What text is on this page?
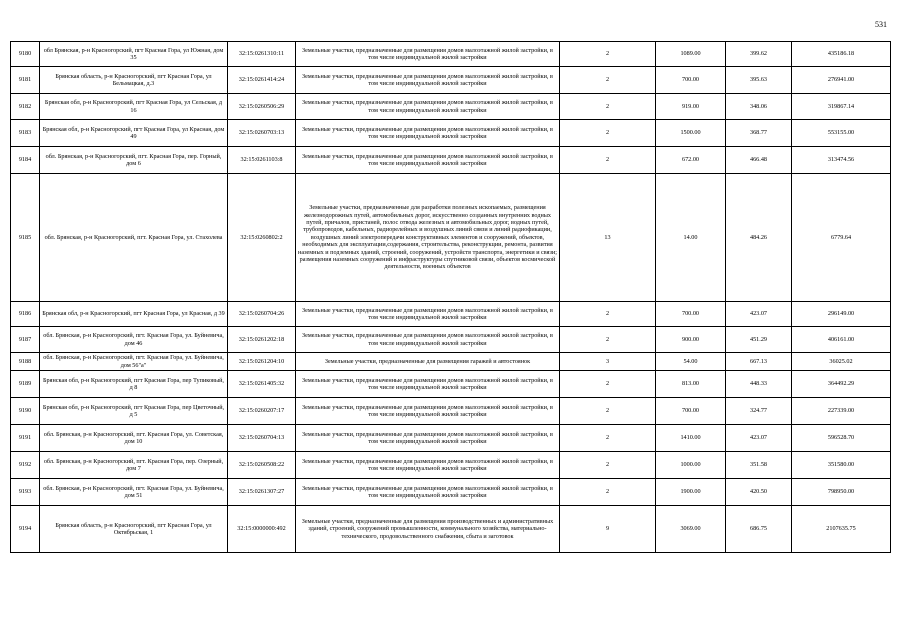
531
9180	обл Брянская, р-н Красногорский, пгт Красная Гора, ул Южная, дом 35	32:15:0261310:11	Земельные участки, предназначенные для размещения домов малоэтажной жилой застройки, в том числе индивидуальной жилой застройки	2	1089.00	399.62	435186.18
9181	Брянская область, р-н Красногорский, пгт Красная Гора, ул Бельмацкая, д.3	32:15:0261414:24	Земельные участки, предназначенные для размещения домов малоэтажной жилой застройки, в том числе индивидуальной жилой застройки	2	700.00	395.63	276941.00
9182	Брянская обл, р-н Красногорский, пгт Красная Гора, ул Сельская, д 16	32:15:0260506:29	Земельные участки, предназначенные для размещения домов малоэтажной жилой застройки, в том числе индивидуальной жилой застройки	2	919.00	348.06	319867.14
9183	Брянская обл, р-н Красногорский, пгт Красная Гора, ул Красная, дом 49	32:15:0260703:13	Земельные участки, предназначенные для размещения домов малоэтажной жилой застройки, в том числе индивидуальной жилой застройки	2	1500.00	368.77	553155.00
9184	обл. Брянская, р-н Красногорский, пгт. Красная Гора, пер. Горный, дом 6	32:15:0261103:8	Земельные участки, предназначенные для размещения домов малоэтажной жилой застройки, в том числе индивидуальной жилой застройки	2	672.00	466.48	313474.56
9185	обл. Брянская, р-н Красногорский, пгт. Красная Гора, ул. Стахолева	32:15:0260802:2	Земельные участки, предназначенные для разработки полезных ископаемых, размещения железнодорожных путей, автомобильных дорог, искусственно созданных внутренних водных путей, причалов, пристаней, полос отвода железных и автомобильных дорог, водных путей, трубопроводов, кабельных, радиорелейных и воздушных линий связи и линий радиофикации, воздушных линий электропередачи конструктивных элементов и сооружений, объектов, необходимых для эксплуатации,содержания, строительства, реконструкции, ремонта, развития наземных и подземных зданий, строений, сооружений, устройств транспорта, энергетики и связи; размещения наземных сооружений и инфраструктуры спутниковой связи, объектов космической деятельности, военных объектов	13	14.00	484.26	6779.64
9186	Брянская обл, р-н Красногорский, пгт Красная Гора, ул Красная, д 39	32:15:0260704:26	Земельные участки, предназначенные для размещения домов малоэтажной жилой застройки, в том числе индивидуальной жилой застройки	2	700.00	423.07	296149.00
9187	обл. Брянская, р-н Красногорский, пгт. Красная Гора, ул. Буйневича, дом 46	32:15:0261202:18	Земельные участки, предназначенные для размещения домов малоэтажной жилой застройки, в том числе индивидуальной жилой застройки	2	900.00	451.29	406161.00
9188	обл. Брянская, р-н Красногорский, пгт. Красная Гора, ул. Буйневича, дом 56"а"	32:15:0261204:10	Земельные участки, предназначенные для размещения гаражей и автостоянок	3	54.00	667.13	36025.02
9189	Брянская обл, р-н Красногорский, пгт Красная Гора, пер Тупиковый, д 8	32:15:0261405:32	Земельные участки, предназначенные для размещения домов малоэтажной жилой застройки, в том числе индивидуальной жилой застройки	2	813.00	448.33	364492.29
9190	Брянская обл, р-н Красногорский, пгт Красная Гора, пер Цветочный, д 5	32:15:0260207:17	Земельные участки, предназначенные для размещения домов малоэтажной жилой застройки, в том числе индивидуальной жилой застройки	2	700.00	324.77	227339.00
9191	обл. Брянская, р-н Красногорский, пгт. Красная Гора, ул. Советская, дом 10	32:15:0260704:13	Земельные участки, предназначенные для размещения домов малоэтажной жилой застройки, в том числе индивидуальной жилой застройки	2	1410.00	423.07	596528.70
9192	обл. Брянская, р-н Красногорский, пгт. Красная Гора, пер. Озерный, дом 7	32:15:0260508:22	Земельные участки, предназначенные для размещения домов малоэтажной жилой застройки, в том числе индивидуальной жилой застройки	2	1000.00	351.58	351580.00
9193	обл. Брянская, р-н Красногорский, пгт. Красная Гора, ул. Буйневича, дом 51	32:15:0261307:27	Земельные участки, предназначенные для размещения домов малоэтажной жилой застройки, в том числе индивидуальной жилой застройки	2	1900.00	420.50	798950.00
9194	Брянская область, р-н Красногорский, пгт Красная Гора, ул Октябрьская, 1	32:15:0000000:492	Земельные участки, предназначенные для размещения производственных и административных зданий, строений, сооружений промышленности, коммунального хозяйства, материально-технического, продовольственного снабжения, сбыта и заготовок	9	3069.00	686.75	2107635.75
